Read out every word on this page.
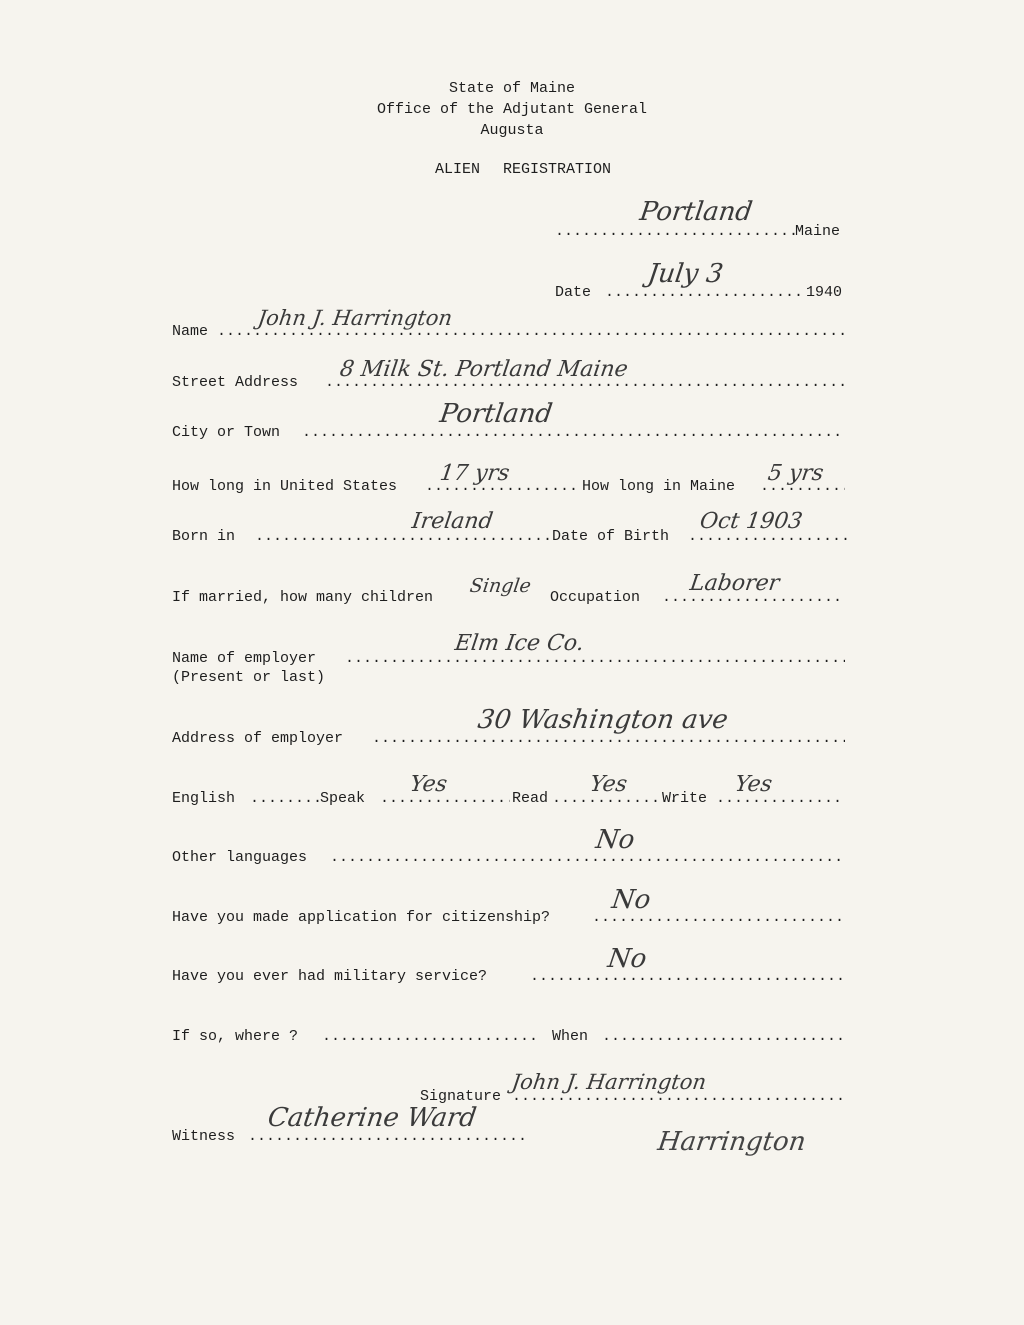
State of Maine
Office of the Adjutant General
Augusta
ALIEN REGISTRATION
.....
Portland
Maine
Date
.....
July 3
1940
Name
.....
John J. Harrington
Street Address
.....
8 Milk St. Portland Maine
City or Town
.....
Portland
How long in United States
.....
17 yrs
How long in Maine
.....
5 yrs
Born in
.....
Ireland
Date of Birth
.....
Oct 1903
If married, how many children
Single
Occupation
.....
Laborer
Name of employer
(Present or last)
.....
Elm Ice Co.
Address of employer
.....
30 Washington ave
English .....	Speak
.....
Yes
Read
.....
Yes
Write
.....
Yes
Other languages
.....
No
Have you made application for citizenship?
.....
No
Have you ever had military service?
.....
No
If so, where ? .....	When
.....
Signature
.....
John J. Harrington
Witness
.....
Catherine Ward
Harrington
